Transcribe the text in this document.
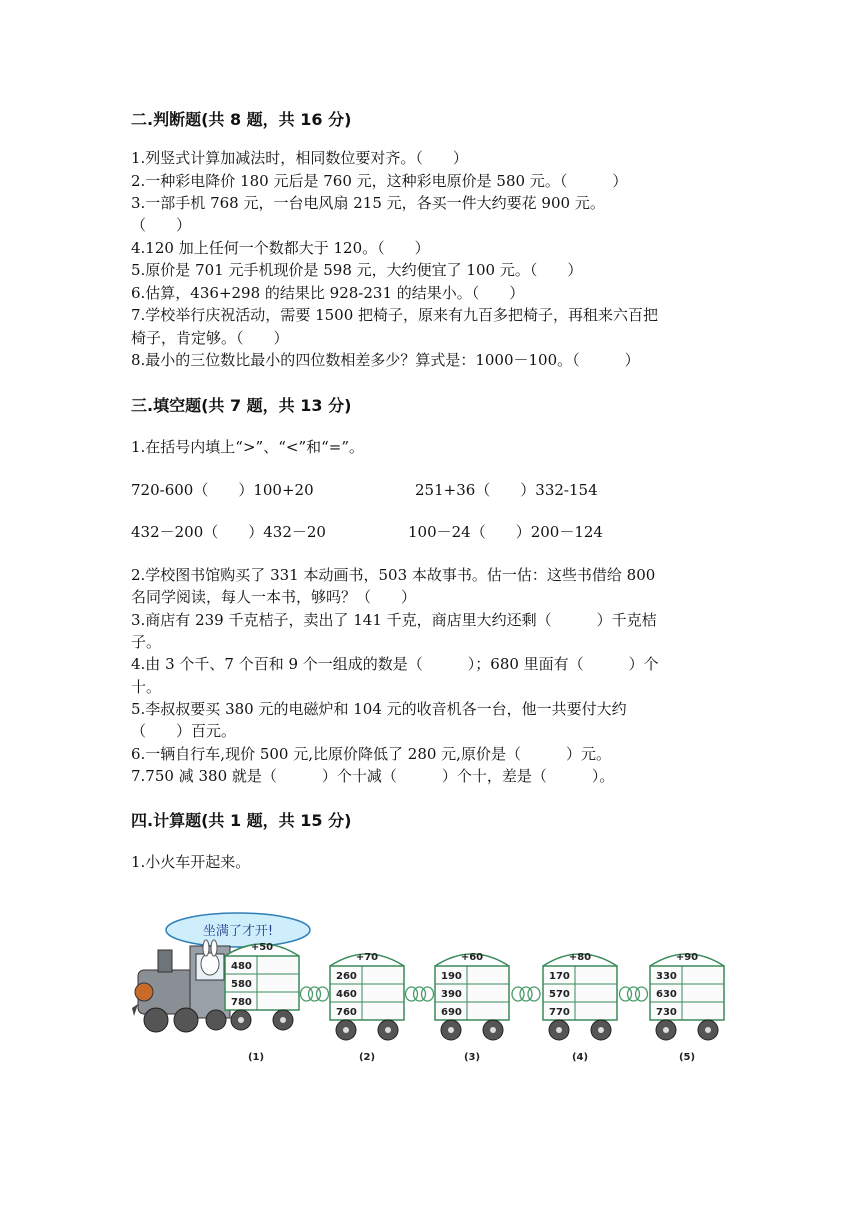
二.判断题(共 8 题，共 16 分)
1.列竖式计算加减法时，相同数位要对齐。（　　）
2.一种彩电降价 180 元后是 760 元，这种彩电原价是 580 元。（　　　）
3.一部手机 768 元，一台电风扇 215 元，各买一件大约要花 900 元。
（　　）
4.120 加上任何一个数都大于 120。（　　）
5.原价是 701 元手机现价是 598 元，大约便宜了 100 元。（　　）
6.估算，436+298 的结果比 928-231 的结果小。（　　）
7.学校举行庆祝活动，需要 1500 把椅子，原来有九百多把椅子，再租来六百把
椅子，肯定够。（　　）
8.最小的三位数比最小的四位数相差多少？算式是：1000－100。（　　　）
三.填空题(共 7 题，共 13 分)
1.在括号内填上“>”、“<”和“=”。
720-600（　　）100+20	251+36（　　）332-154
432－200（　　）432－20	100－24（　　）200－124
2.学校图书馆购买了 331 本动画书，503 本故事书。估一估：这些书借给 800
名同学阅读，每人一本书，够吗？（　　）
3.商店有 239 千克桔子，卖出了 141 千克，商店里大约还剩（　　　）千克桔
子。
4.由 3 个千、7 个百和 9 个一组成的数是（　　　）；680 里面有（　　　）个
十。
5.李叔叔要买 380 元的电磁炉和 104 元的收音机各一台，他一共要付大约
（　　）百元。
6.一辆自行车,现价 500 元,比原价降低了 280 元,原价是（　　　）元。
7.750 减 380 就是（　　　）个十减（　　　）个十，差是（　　　）。
四.计算题(共 1 题，共 15 分)
1.小火车开起来。
坐满了才开!
+50
480
580
780
(1)
+70
260
460
760
(2)
+60
190
390
690
(3)
+80
170
570
770
(4)
+90
330
630
730
(5)
